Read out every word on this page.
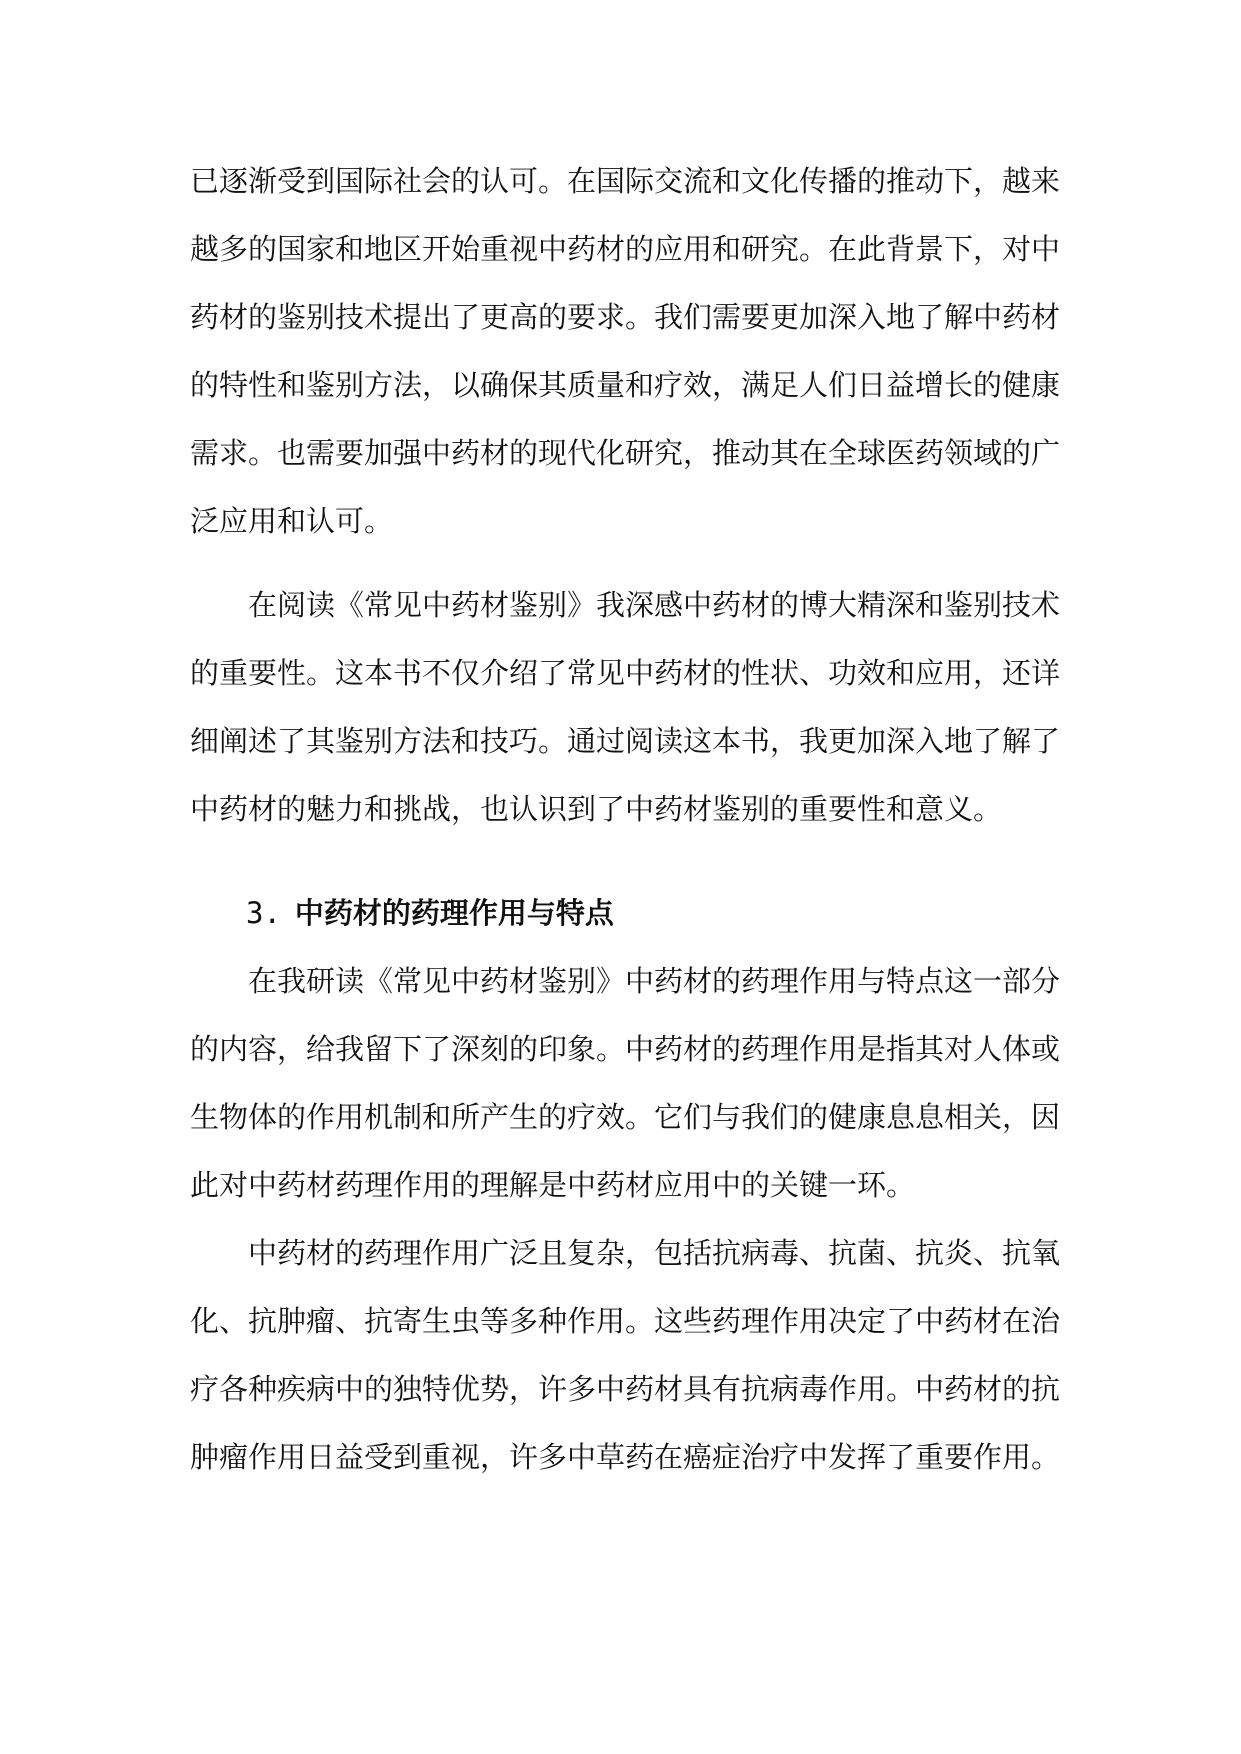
已逐渐受到国际社会的认可。在国际交流和文化传播的推动下，越来
越多的国家和地区开始重视中药材的应用和研究。在此背景下，对中
药材的鉴别技术提出了更高的要求。我们需要更加深入地了解中药材
的特性和鉴别方法，以确保其质量和疗效，满足人们日益增长的健康
需求。也需要加强中药材的现代化研究，推动其在全球医药领域的广
泛应用和认可。
在阅读《常见中药材鉴别》我深感中药材的博大精深和鉴别技术
的重要性。这本书不仅介绍了常见中药材的性状、功效和应用，还详
细阐述了其鉴别方法和技巧。通过阅读这本书，我更加深入地了解了
中药材的魅力和挑战，也认识到了中药材鉴别的重要性和意义。
3. 中药材的药理作用与特点
在我研读《常见中药材鉴别》中药材的药理作用与特点这一部分
的内容，给我留下了深刻的印象。中药材的药理作用是指其对人体或
生物体的作用机制和所产生的疗效。它们与我们的健康息息相关，因
此对中药材药理作用的理解是中药材应用中的关键一环。
中药材的药理作用广泛且复杂，包括抗病毒、抗菌、抗炎、抗氧
化、抗肿瘤、抗寄生虫等多种作用。这些药理作用决定了中药材在治
疗各种疾病中的独特优势，许多中药材具有抗病毒作用。中药材的抗
肿瘤作用日益受到重视，许多中草药在癌症治疗中发挥了重要作用。
